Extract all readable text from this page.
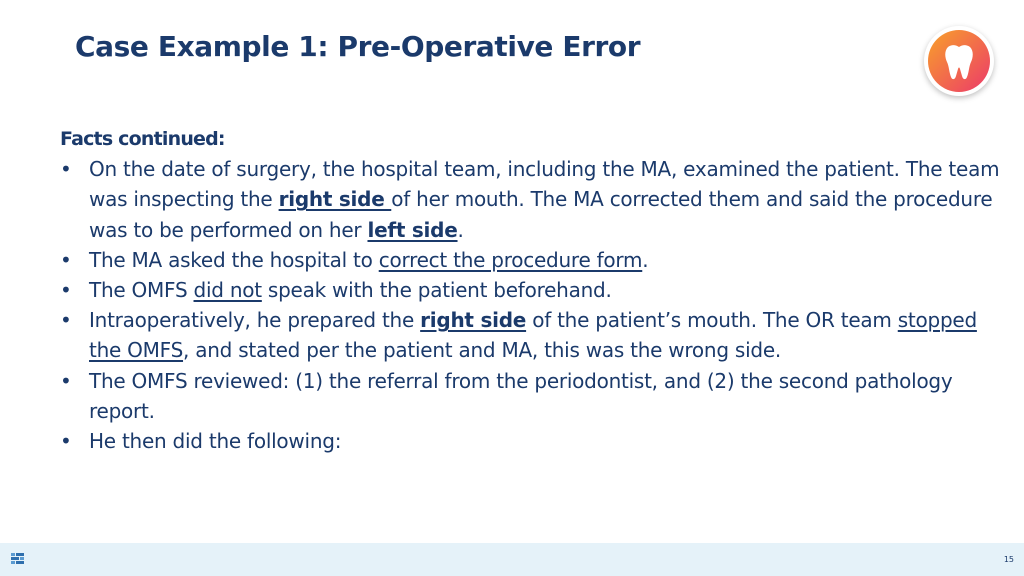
Case Example 1: Pre-Operative Error
Facts continued:
• On the date of surgery, the hospital team, including the MA, examined the patient. The team was inspecting the right side of her mouth. The MA corrected them and said the procedure was to be performed on her left side.
• The MA asked the hospital to correct the procedure form.
• The OMFS did not speak with the patient beforehand.
• Intraoperatively, he prepared the right side of the patient’s mouth. The OR team stopped the OMFS, and stated per the patient and MA, this was the wrong side.
• The OMFS reviewed: (1) the referral from the periodontist, and (2) the second pathology report.
• He then did the following:
15
